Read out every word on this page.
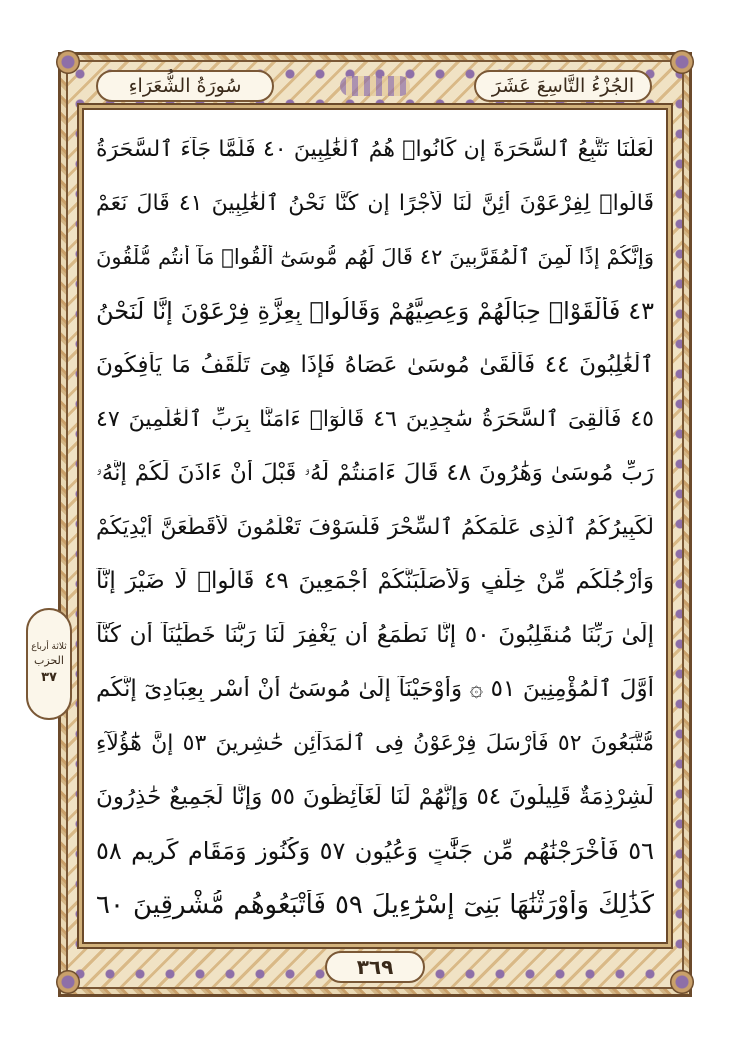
سُورَةُ الشُّعَرَاءِ	الجُزْءُ التَّاسِعَ عَشَرَ
لَعَلَّنَا نَتَّبِعُ ٱلسَّحَرَةَ إِن كَانُوا۟ هُمُ ٱلْغَٰلِبِينَ ٤٠ فَلَمَّا جَآءَ ٱلسَّحَرَةُ
قَالُوا۟ لِفِرْعَوْنَ أَئِنَّ لَنَا لَأَجْرًا إِن كُنَّا نَحْنُ ٱلْغَٰلِبِينَ ٤١ قَالَ نَعَمْ
وَإِنَّكُمْ إِذًا لَّمِنَ ٱلْمُقَرَّبِينَ ٤٢ قَالَ لَهُم مُّوسَىٰٓ أَلْقُوا۟ مَآ أَنتُم مُّلْقُونَ
٤٣ فَأَلْقَوْا۟ حِبَالَهُمْ وَعِصِيَّهُمْ وَقَالُوا۟ بِعِزَّةِ فِرْعَوْنَ إِنَّا لَنَحْنُ
ٱلْغَٰلِبُونَ ٤٤ فَأَلْقَىٰ مُوسَىٰ عَصَاهُ فَإِذَا هِىَ تَلْقَفُ مَا يَأْفِكُونَ
٤٥ فَأُلْقِىَ ٱلسَّحَرَةُ سَٰجِدِينَ ٤٦ قَالُوٓا۟ ءَامَنَّا بِرَبِّ ٱلْعَٰلَمِينَ ٤٧
رَبِّ مُوسَىٰ وَهَٰرُونَ ٤٨ قَالَ ءَامَنتُمْ لَهُۥ قَبْلَ أَنْ ءَاذَنَ لَكُمْ إِنَّهُۥ
لَكَبِيرُكُمُ ٱلَّذِى عَلَّمَكُمُ ٱلسِّحْرَ فَلَسَوْفَ تَعْلَمُونَ لَأُقَطِّعَنَّ أَيْدِيَكُمْ
وَأَرْجُلَكُم مِّنْ خِلَٰفٍ وَلَأُصَلِّبَنَّكُمْ أَجْمَعِينَ ٤٩ قَالُوا۟ لَا ضَيْرَ إِنَّآ
إِلَىٰ رَبِّنَا مُنقَلِبُونَ ٥٠ إِنَّا نَطْمَعُ أَن يَغْفِرَ لَنَا رَبُّنَا خَطَٰيَٰنَآ أَن كُنَّآ
أَوَّلَ ٱلْمُؤْمِنِينَ ٥١ ۞ وَأَوْحَيْنَآ إِلَىٰ مُوسَىٰٓ أَنْ أَسْرِ بِعِبَادِىٓ إِنَّكُم
مُّتَّبَعُونَ ٥٢ فَأَرْسَلَ فِرْعَوْنُ فِى ٱلْمَدَآئِنِ حَٰشِرِينَ ٥٣ إِنَّ هَٰٓؤُلَآءِ
لَشِرْذِمَةٌ قَلِيلُونَ ٥٤ وَإِنَّهُمْ لَنَا لَغَآئِظُونَ ٥٥ وَإِنَّا لَجَمِيعٌ حَٰذِرُونَ
٥٦ فَأَخْرَجْنَٰهُم مِّن جَنَّٰتٍ وَعُيُونٍ ٥٧ وَكُنُوزٍ وَمَقَامٍ كَرِيمٍ ٥٨
كَذَٰلِكَ وَأَوْرَثْنَٰهَا بَنِىٓ إِسْرَٰٓءِيلَ ٥٩ فَأَتْبَعُوهُم مُّشْرِقِينَ ٦٠
ثلاثة أرباع
الحزب
٣٧
٣٦٩
